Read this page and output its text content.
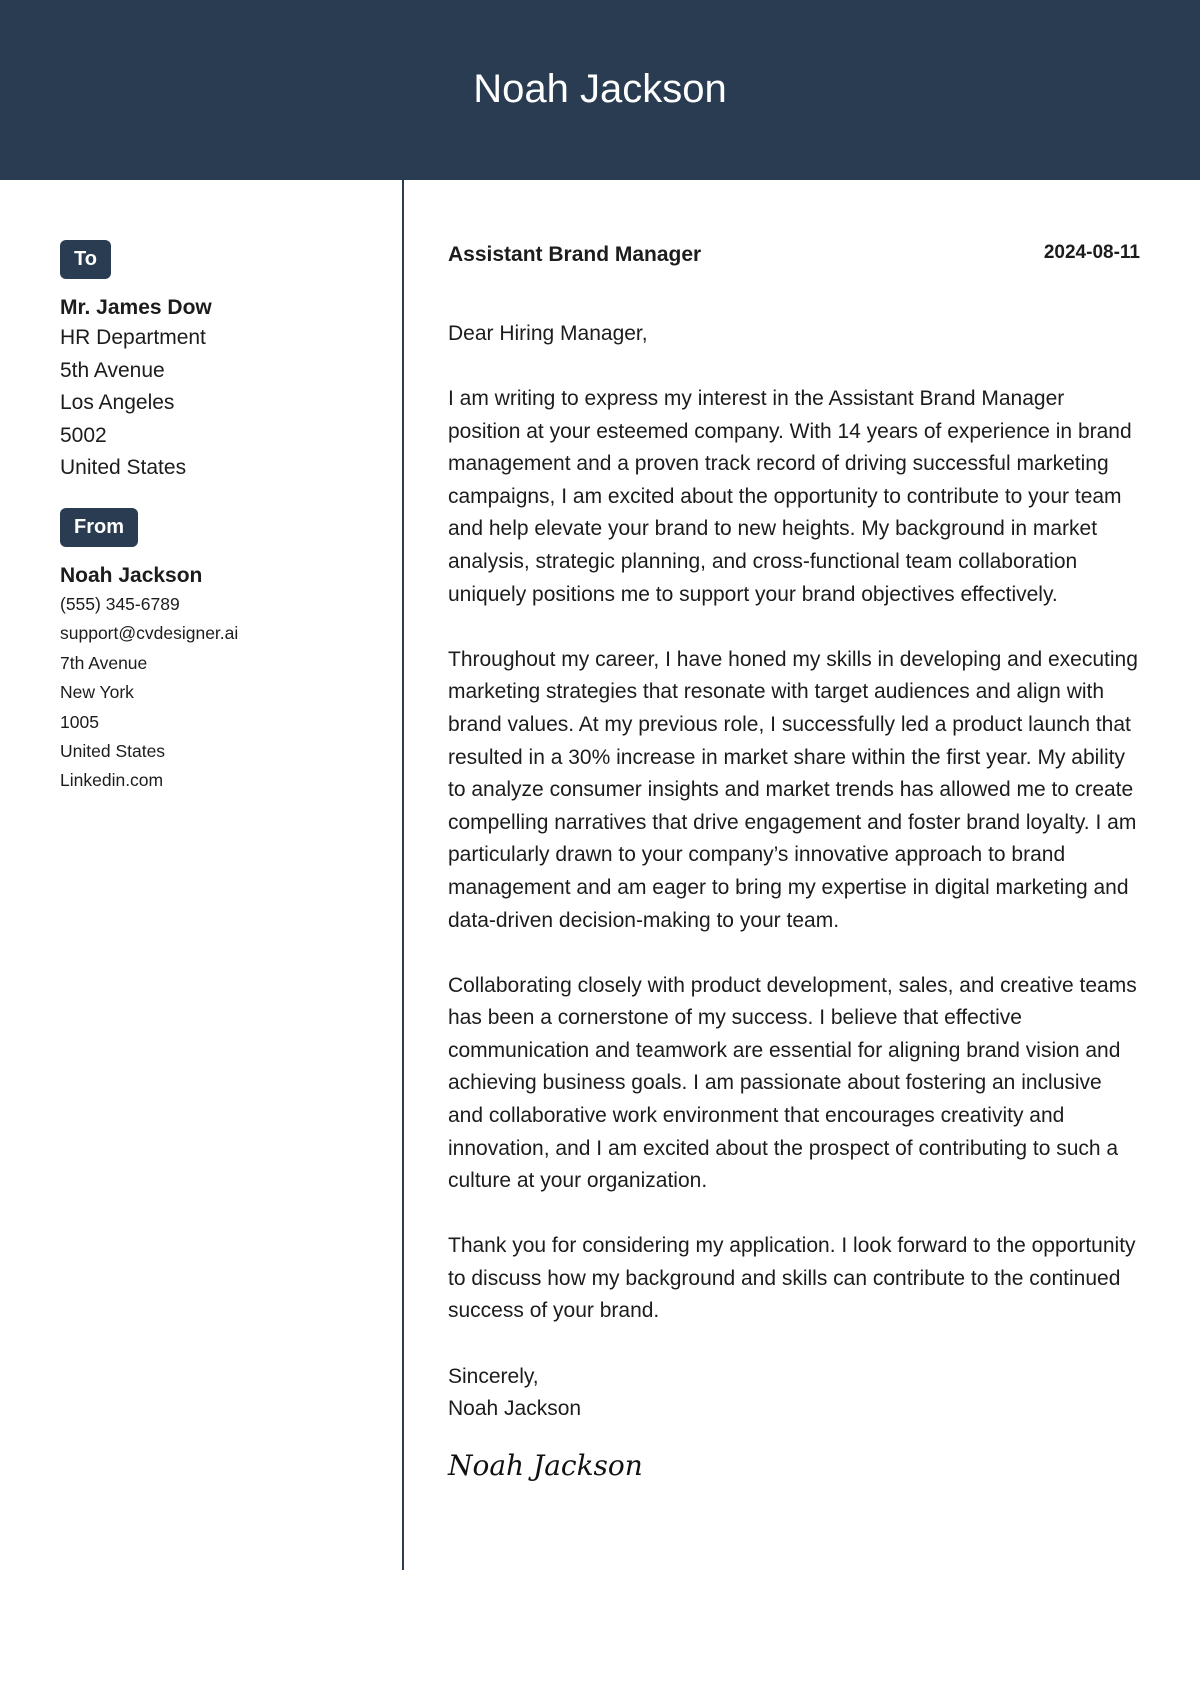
Noah Jackson
To
Mr. James Dow
HR Department
5th Avenue
Los Angeles
5002
United States
From
Noah Jackson
(555) 345-6789
support@cvdesigner.ai
7th Avenue
New York
1005
United States
Linkedin.com
Assistant Brand Manager	2024-08-11

Dear Hiring Manager,

I am writing to express my interest in the Assistant Brand Manager position at your esteemed company. With 14 years of experience in brand management and a proven track record of driving successful marketing campaigns, I am excited about the opportunity to contribute to your team and help elevate your brand to new heights. My background in market analysis, strategic planning, and cross-functional team collaboration uniquely positions me to support your brand objectives effectively.

Throughout my career, I have honed my skills in developing and executing marketing strategies that resonate with target audiences and align with brand values. At my previous role, I successfully led a product launch that resulted in a 30% increase in market share within the first year. My ability to analyze consumer insights and market trends has allowed me to create compelling narratives that drive engagement and foster brand loyalty. I am particularly drawn to your company’s innovative approach to brand management and am eager to bring my expertise in digital marketing and data-driven decision-making to your team.

Collaborating closely with product development, sales, and creative teams has been a cornerstone of my success. I believe that effective communication and teamwork are essential for aligning brand vision and achieving business goals. I am passionate about fostering an inclusive and collaborative work environment that encourages creativity and innovation, and I am excited about the prospect of contributing to such a culture at your organization.

Thank you for considering my application. I look forward to the opportunity to discuss how my background and skills can contribute to the continued success of your brand.

Sincerely,
Noah Jackson
Noah Jackson
